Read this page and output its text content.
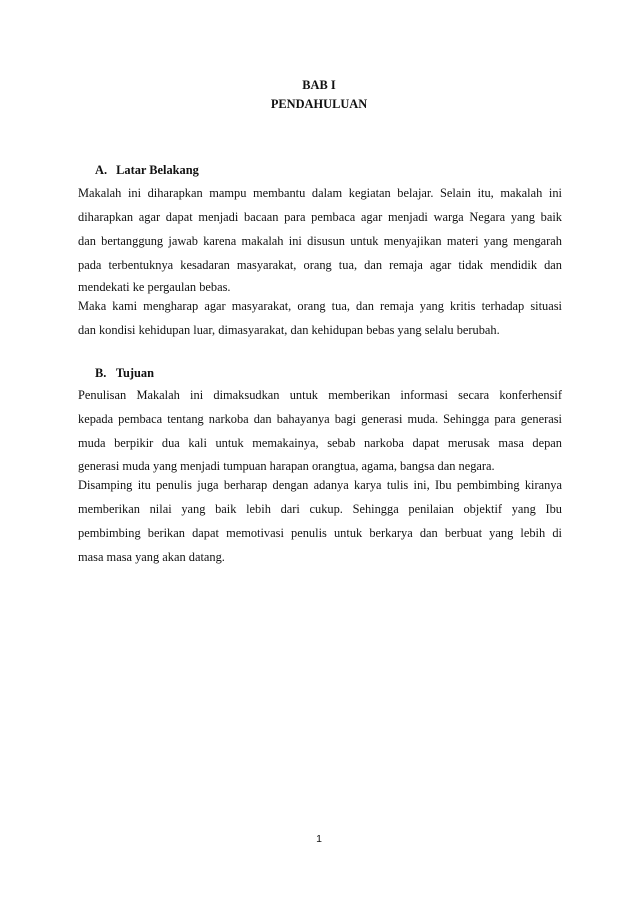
BAB I
PENDAHULUAN
A. Latar Belakang
Makalah ini diharapkan mampu membantu dalam kegiatan belajar. Selain itu, makalah ini
diharapkan agar dapat menjadi bacaan para pembaca agar menjadi warga Negara yang baik
dan bertanggung jawab karena makalah ini disusun untuk menyajikan materi yang mengarah
pada terbentuknya kesadaran masyarakat, orang tua, dan remaja agar tidak mendidik dan
mendekati ke pergaulan bebas.
Maka kami mengharap agar masyarakat, orang tua, dan remaja yang kritis terhadap situasi
dan kondisi kehidupan luar, dimasyarakat, dan kehidupan bebas yang selalu berubah.
B. Tujuan
Penulisan Makalah ini dimaksudkan untuk memberikan informasi secara konferhensif
kepada pembaca tentang narkoba dan bahayanya bagi generasi muda. Sehingga para generasi
muda berpikir dua kali untuk memakainya, sebab narkoba dapat merusak masa depan
generasi muda yang menjadi tumpuan harapan orangtua, agama, bangsa dan negara.
Disamping itu penulis juga berharap dengan adanya karya tulis ini, Ibu pembimbing kiranya
memberikan nilai yang baik lebih dari cukup. Sehingga penilaian objektif yang Ibu
pembimbing berikan dapat memotivasi penulis untuk berkarya dan berbuat yang lebih di
masa masa yang akan datang.
1
